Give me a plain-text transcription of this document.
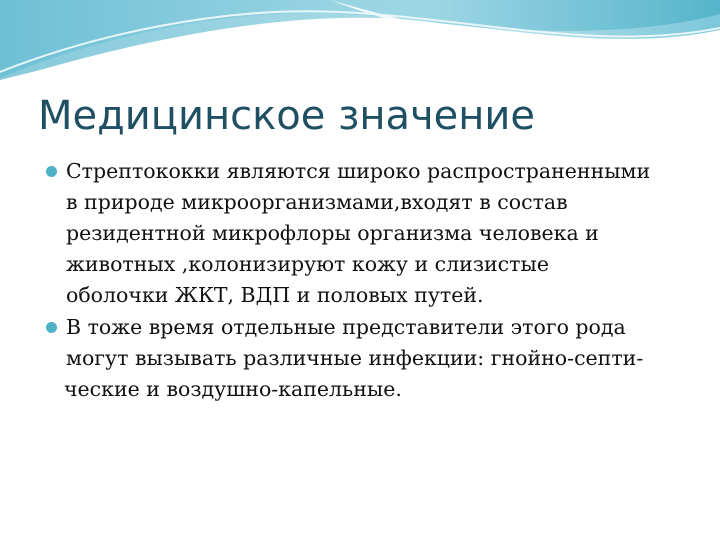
Медицинское значение
Стрептококки являются широко распространенными
в природе микроорганизмами,входят в состав
резидентной микрофлоры организма человека и
животных ,колонизируют кожу и слизистые
оболочки ЖКТ, ВДП и половых путей.
В тоже время отдельные представители этого рода
могут вызывать различные инфекции: гнойно-септи-
ческие и воздушно-капельные.
